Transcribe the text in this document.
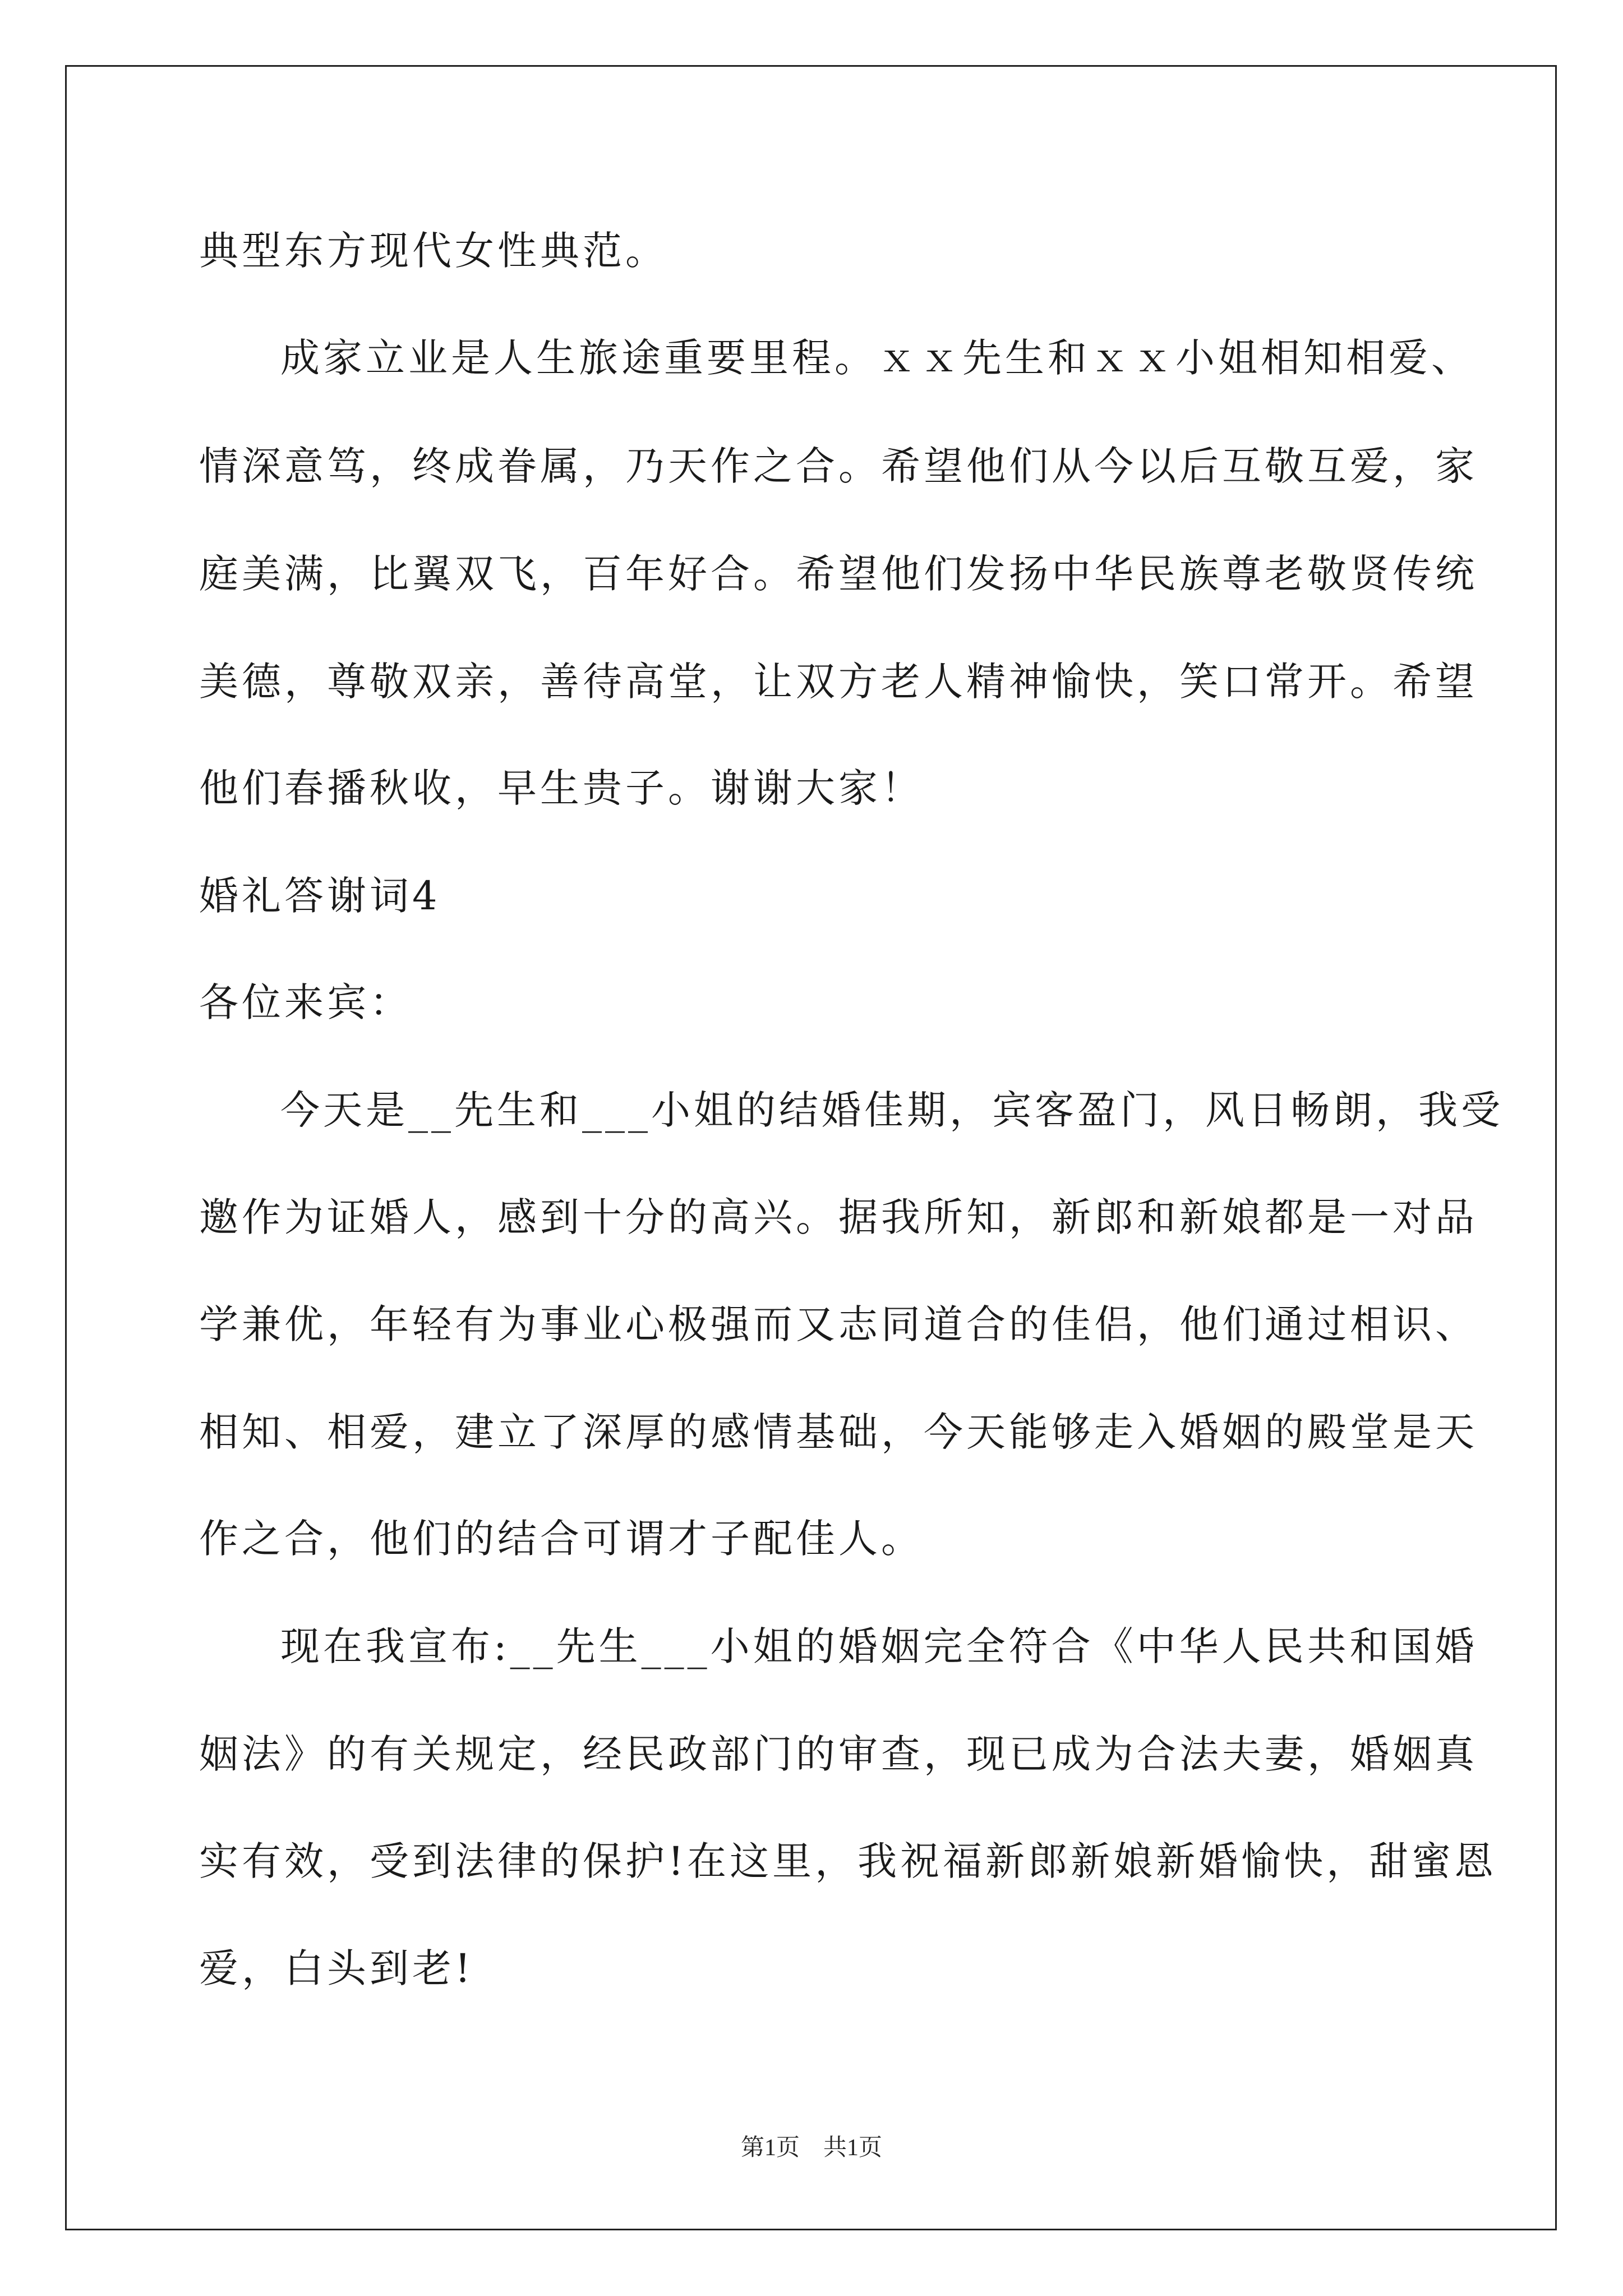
典型东方现代女性典范。
成家立业是人生旅途重要里程。ｘｘ先生和ｘｘ小姐相知相爱、
情深意笃，终成眷属，乃天作之合。希望他们从今以后互敬互爱，家
庭美满，比翼双飞，百年好合。希望他们发扬中华民族尊老敬贤传统
美德，尊敬双亲，善待高堂，让双方老人精神愉快，笑口常开。希望
他们春播秋收，早生贵子。谢谢大家！
婚礼答谢词4
各位来宾：
今天是__先生和___小姐的结婚佳期，宾客盈门，风日畅朗，我受
邀作为证婚人，感到十分的高兴。据我所知，新郎和新娘都是一对品
学兼优，年轻有为事业心极强而又志同道合的佳侣，他们通过相识、
相知、相爱，建立了深厚的感情基础，今天能够走入婚姻的殿堂是天
作之合，他们的结合可谓才子配佳人。
现在我宣布:__先生___小姐的婚姻完全符合《中华人民共和国婚
姻法》的有关规定，经民政部门的审查，现已成为合法夫妻，婚姻真
实有效，受到法律的保护!在这里，我祝福新郎新娘新婚愉快，甜蜜恩
爱，白头到老!
第1页　共1页
